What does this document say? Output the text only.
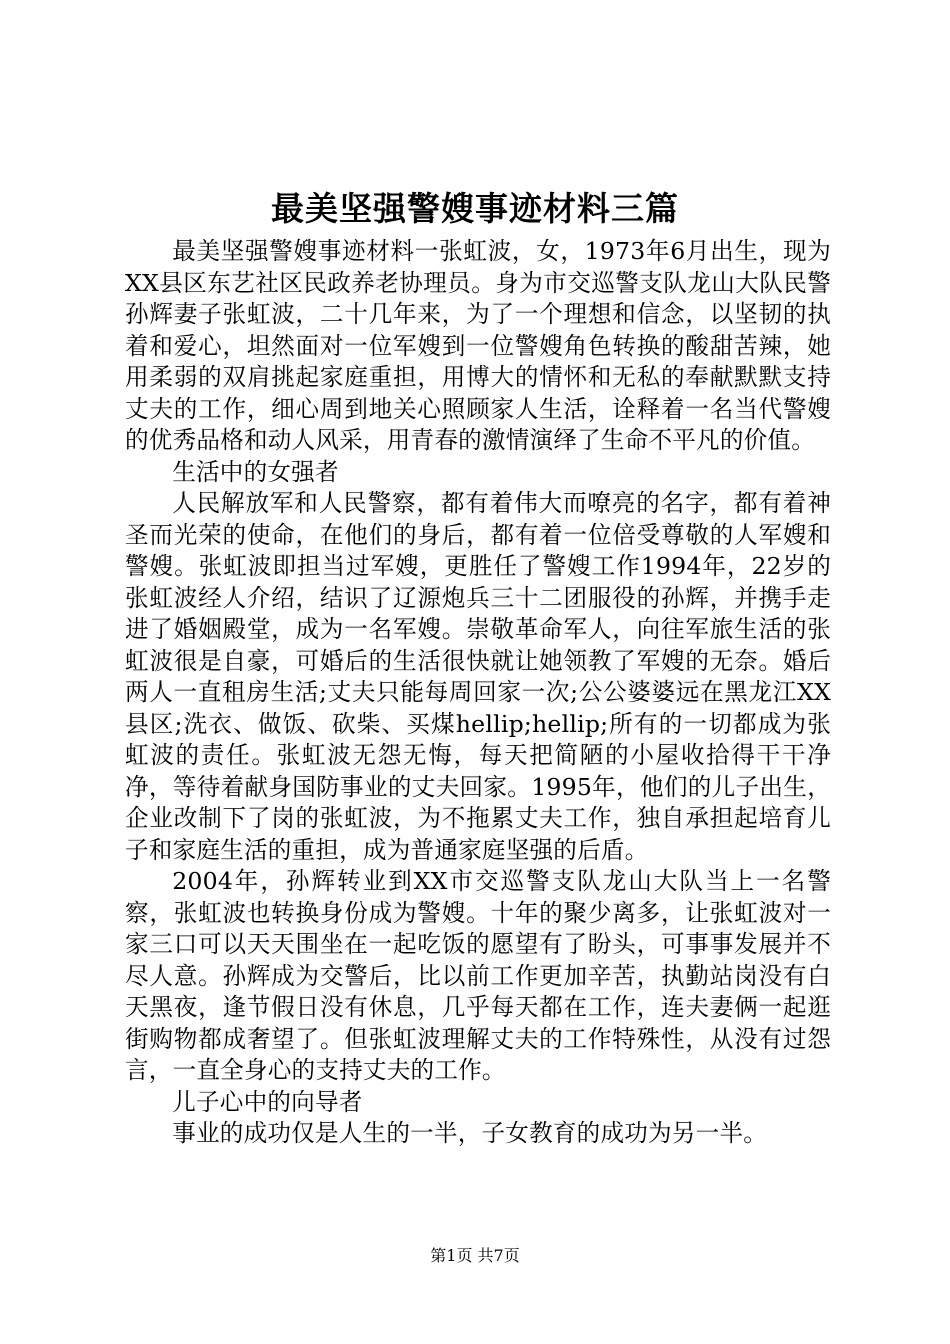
最美坚强警嫂事迹材料三篇

最美坚强警嫂事迹材料一张虹波，女，1973年6月出生，现为XX县区东艺社区民政养老协理员。身为市交巡警支队龙山大队民警孙辉妻子张虹波，二十几年来，为了一个理想和信念，以坚韧的执着和爱心，坦然面对一位军嫂到一位警嫂角色转换的酸甜苦辣，她用柔弱的双肩挑起家庭重担，用博大的情怀和无私的奉献默默支持丈夫的工作，细心周到地关心照顾家人生活，诠释着一名当代警嫂的优秀品格和动人风采，用青春的激情演绎了生命不平凡的价值。

生活中的女强者

人民解放军和人民警察，都有着伟大而嘹亮的名字，都有着神圣而光荣的使命，在他们的身后，都有着一位倍受尊敬的人军嫂和警嫂。张虹波即担当过军嫂，更胜任了警嫂工作1994年，22岁的张虹波经人介绍，结识了辽源炮兵三十二团服役的孙辉，并携手走进了婚姻殿堂，成为一名军嫂。崇敬革命军人，向往军旅生活的张虹波很是自豪，可婚后的生活很快就让她领教了军嫂的无奈。婚后两人一直租房生活;丈夫只能每周回家一次;公公婆婆远在黑龙江XX县区;洗衣、做饭、砍柴、买煤hellip;hellip;所有的一切都成为张虹波的责任。张虹波无怨无悔，每天把简陋的小屋收拾得干干净净，等待着献身国防事业的丈夫回家。1995年，他们的儿子出生，企业改制下了岗的张虹波，为不拖累丈夫工作，独自承担起培育儿子和家庭生活的重担，成为普通家庭坚强的后盾。

2004年，孙辉转业到XX市交巡警支队龙山大队当上一名警察，张虹波也转换身份成为警嫂。十年的聚少离多，让张虹波对一家三口可以天天围坐在一起吃饭的愿望有了盼头，可事事发展并不尽人意。孙辉成为交警后，比以前工作更加辛苦，执勤站岗没有白天黑夜，逢节假日没有休息，几乎每天都在工作，连夫妻俩一起逛街购物都成奢望了。但张虹波理解丈夫的工作特殊性，从没有过怨言，一直全身心的支持丈夫的工作。

儿子心中的向导者

事业的成功仅是人生的一半，子女教育的成功为另一半。

第1页 共7页
